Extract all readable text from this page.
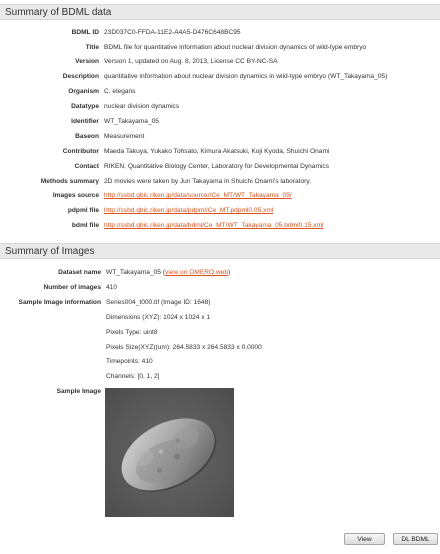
Summary of BDML data
BDML ID 23D037C0-FFDA-11E2-A4A5-D476C648BC95
Title BDML file for quantitative information about nuclear division dynamics of wild-type embryo
Version Version 1, updated on Aug. 8, 2013, License CC BY-NC-SA
Description quantitative information about nuclear division dynamics in wild-type embryo (WT_Takayama_05)
Organism C. elegans
Datatype nuclear division dynamics
Identifier WT_Takayama_05
Baseon Measurement
Contributor Maeda Takuya, Yukako Tohsato, Kimura Akatsuki, Koji Kyoda, Shuichi Onami
Contact RIKEN, Quantitative Biology Center, Laboratory for Developmental Dynamics
Methods summary 2D movies were taken by Jun Takayama in Shuichi Onami's laboratory.
Images source http://ssbd.qbic.riken.jp/data/source//Ce_MT/WT_Takayama_05/
pdpml file http://ssbd.qbic.riken.jp/data/pdpml/Ce_MT.pdpml0.05.xml
bdml file http://ssbd.qbic.riken.jp/data/bdml/Ce_MT/WT_Takayama_05.bdml0.15.xml
Summary of Images
Dataset name WT_Takayama_05 (view on OMERO.web)
Number of images 410
Sample Image information Series004_t000.tif (Image ID: 1648)
Dimensions (XYZ): 1024 x 1024 x 1
Pixels Type: uint8
Pixels Size(XYZ)(um): 264.5833 x 264.5833 x 0.0000
Timepoints: 410
Channels: [0, 1, 2]
Sample Image
View	DL BDML
